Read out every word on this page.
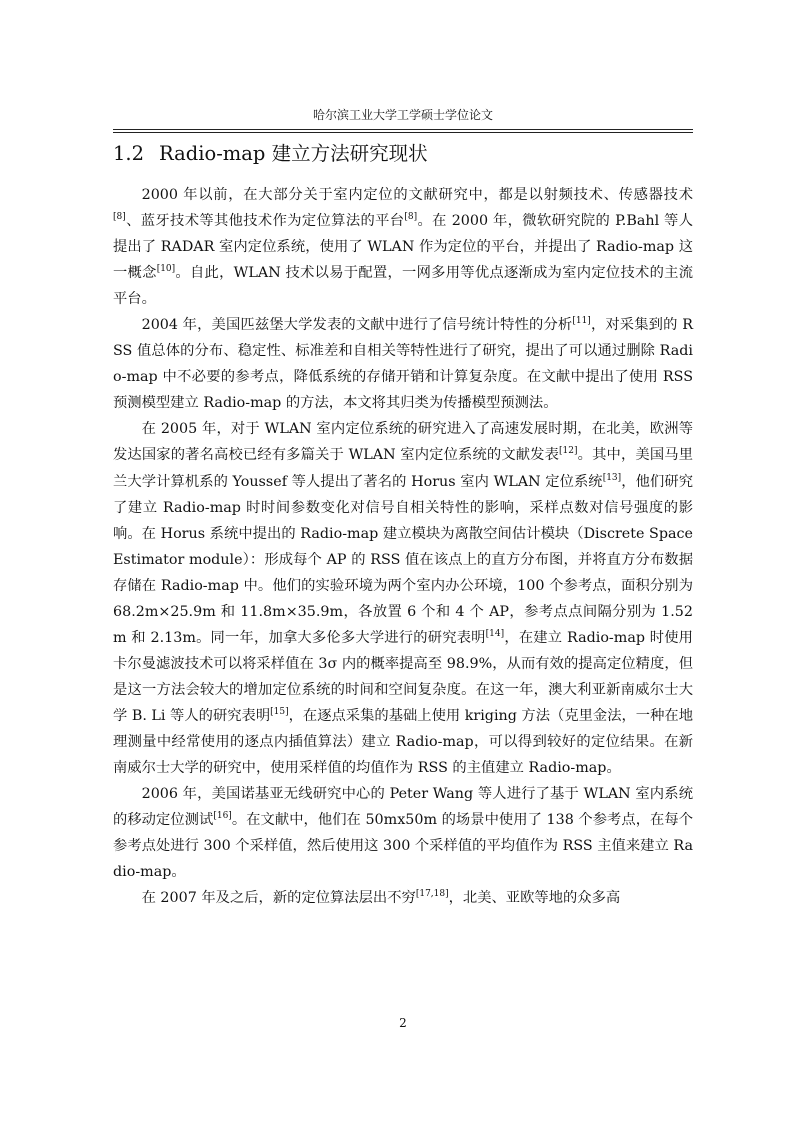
哈尔滨工业大学工学硕士学位论文
1.2 Radio-map 建立方法研究现状

2000 年以前，在大部分关于室内定位的文献研究中，都是以射频技术、传感器技术[8]、蓝牙技术等其他技术作为定位算法的平台[8]。在 2000 年，微软研究院的 P.Bahl 等人提出了 RADAR 室内定位系统，使用了 WLAN 作为定位的平台，并提出了 Radio-map 这一概念[10]。自此，WLAN 技术以易于配置，一网多用等优点逐渐成为室内定位技术的主流平台。

2004 年，美国匹兹堡大学发表的文献中进行了信号统计特性的分析[11]，对采集到的 RSS 值总体的分布、稳定性、标准差和自相关等特性进行了研究，提出了可以通过删除 Radio-map 中不必要的参考点，降低系统的存储开销和计算复杂度。在文献中提出了使用 RSS 预测模型建立 Radio-map 的方法，本文将其归类为传播模型预测法。

在 2005 年，对于 WLAN 室内定位系统的研究进入了高速发展时期，在北美，欧洲等发达国家的著名高校已经有多篇关于 WLAN 室内定位系统的文献发表[12]。其中，美国马里兰大学计算机系的 Youssef 等人提出了著名的 Horus 室内 WLAN 定位系统[13]，他们研究了建立 Radio-map 时时间参数变化对信号自相关特性的影响，采样点数对信号强度的影响。在 Horus 系统中提出的 Radio-map 建立模块为离散空间估计模块（Discrete Space Estimator module）：形成每个 AP 的 RSS 值在该点上的直方分布图，并将直方分布数据存储在 Radio-map 中。他们的实验环境为两个室内办公环境，100 个参考点，面积分别为 68.2m×25.9m 和 11.8m×35.9m，各放置 6 个和 4 个 AP，参考点点间隔分别为 1.52m 和 2.13m。同一年，加拿大多伦多大学进行的研究表明[14]，在建立 Radio-map 时使用卡尔曼滤波技术可以将采样值在 3σ 内的概率提高至 98.9%，从而有效的提高定位精度，但是这一方法会较大的增加定位系统的时间和空间复杂度。在这一年，澳大利亚新南威尔士大学 B. Li 等人的研究表明[15]，在逐点采集的基础上使用 kriging 方法（克里金法，一种在地理测量中经常使用的逐点内插值算法）建立 Radio-map，可以得到较好的定位结果。在新南威尔士大学的研究中，使用采样值的均值作为 RSS 的主值建立 Radio-map。

2006 年，美国诺基亚无线研究中心的 Peter Wang 等人进行了基于 WLAN 室内系统的移动定位测试[16]。在文献中，他们在 50mx50m 的场景中使用了 138 个参考点，在每个参考点处进行 300 个采样值，然后使用这 300 个采样值的平均值作为 RSS 主值来建立 Radio-map。

在 2007 年及之后，新的定位算法层出不穷[17,18]，北美、亚欧等地的众多高

2
